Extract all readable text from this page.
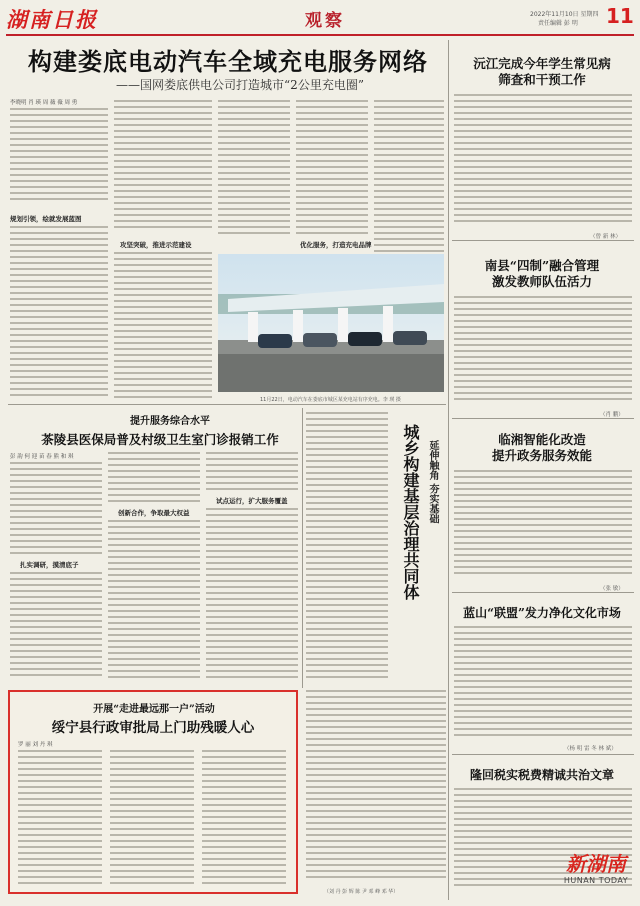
湖南日报	观察	2022年11月10日 星期四
责任编辑 彭 明 11
构建娄底电动汽车全域充电服务网络
——国网娄底供电公司打造城市“2公里充电圈”
李晓明 肖 瑛 周 薇 薇 周 勇
规划引领，绘就发展蓝图
攻坚突破，推进示范建设	优化服务，打造充电品牌
11月22日，电动汽车在娄底市城区某充电站有序充电。李 瑛 摄
沅江完成今年学生常见病
筛查和干预工作
（曾 新 林）
南县“四制”融合管理
激发教师队伍活力
（肖 鹏）
临湘智能化改造
提升政务服务效能
（张 敏）
蓝山“联盟”发力净化文化市场
（杨 明 雷 冬 林 斌）
隆回税实税费精诚共治文章
提升服务综合水平
茶陵县医保局普及村级卫生室门诊报销工作
彭 韵 何 迎 苗 春 熊 和 琪
扎实调研，摸清底子
创新合作，争取最大权益
试点运行，扩大服务覆盖	城乡构建基层治理共同体 延伸触角 夯实基础
（刘 丹 彭 辉 陈 尹 邓 峰 邓 华）
开展“走进最远那一户”活动
绥宁县行政审批局上门助残暖人心
罗 丽 刘 丹 琪
新湖南
HUNAN TODAY
